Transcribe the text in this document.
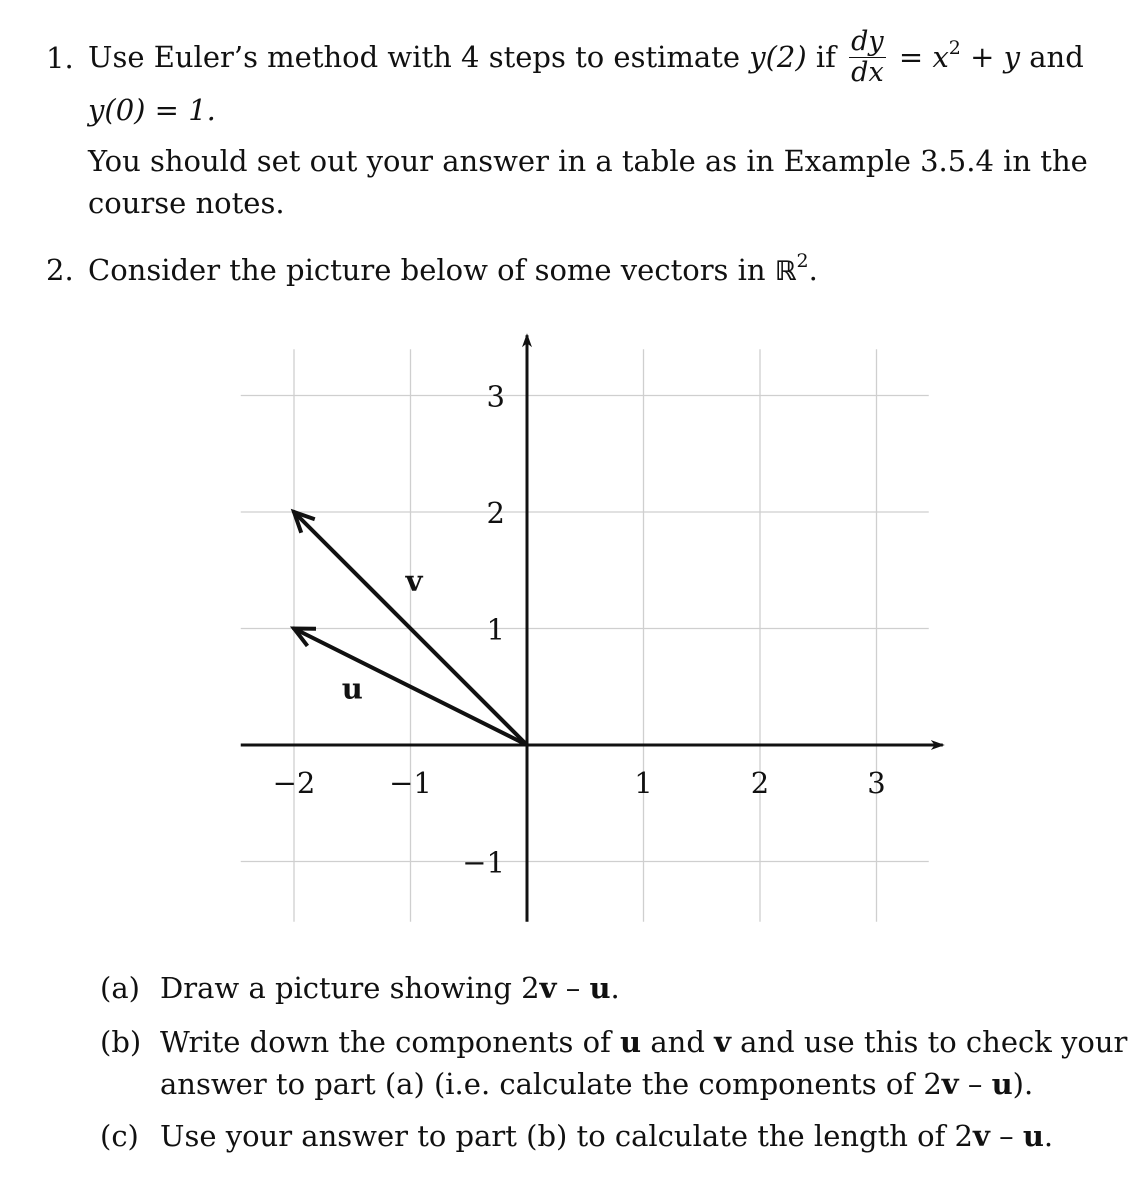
1. Use Euler’s method with 4 steps to estimate y(2) if $\frac{dy}{dx} = x^2 + y$ and
y(0) = 1.
You should set out your answer in a table as in Example 3.5.4 in the
course notes.
2. Consider the picture below of some vectors in ℝ$^2$.
−2	−1	1	2	3
−1
1
2
3
u
v
(a) Draw a picture showing 2v – u.
(b) Write down the components of u and v and use this to check your
answer to part (a) (i.e. calculate the components of 2v – u).
(c) Use your answer to part (b) to calculate the length of 2v – u.
